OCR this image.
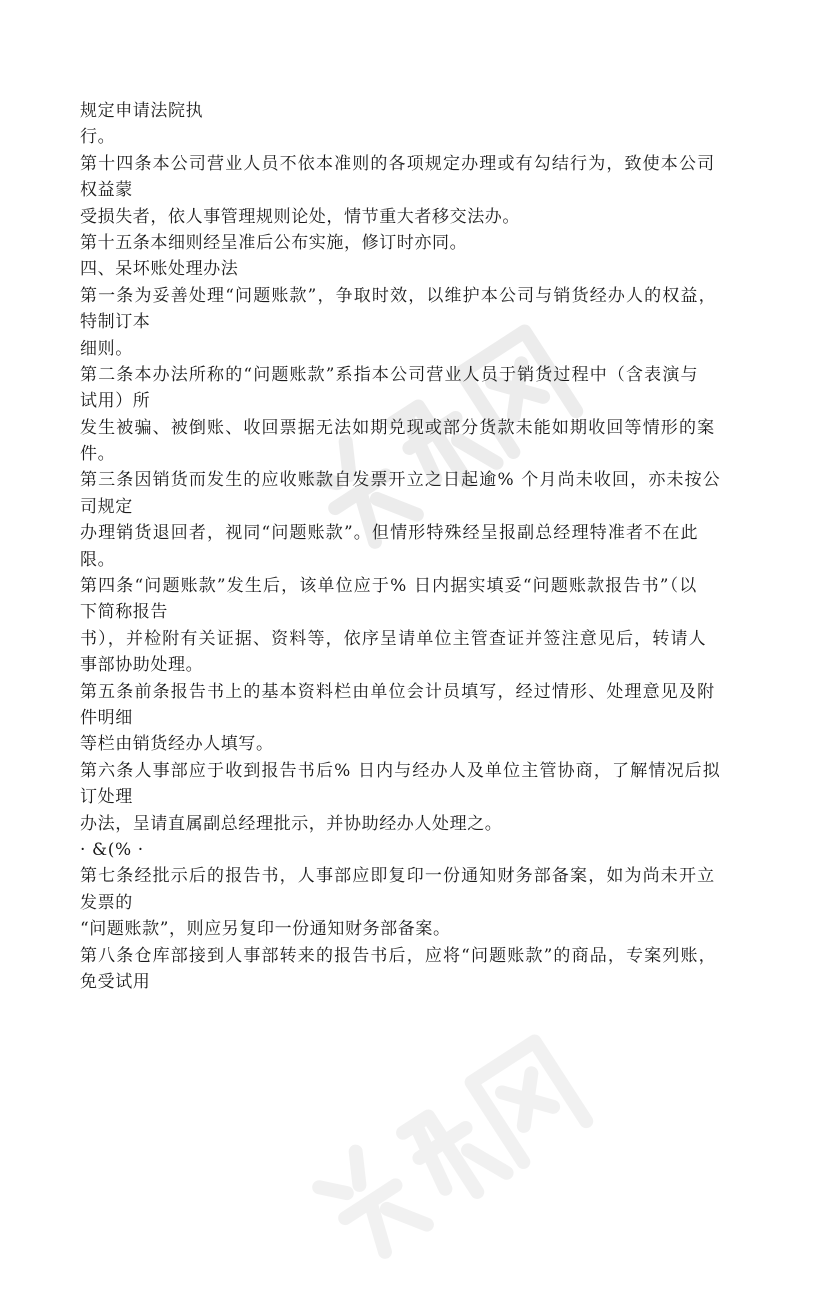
规定申请法院执
行。
第十四条本公司营业人员不依本准则的各项规定办理或有勾结行为，致使本公司
权益蒙
受损失者，依人事管理规则论处，情节重大者移交法办。
第十五条本细则经呈准后公布实施，修订时亦同。
四、呆坏账处理办法
第一条为妥善处理“问题账款”，争取时效，以维护本公司与销货经办人的权益，
特制订本
细则。
第二条本办法所称的“问题账款”系指本公司营业人员于销货过程中（含表演与
试用）所
发生被骗、被倒账、收回票据无法如期兑现或部分货款未能如期收回等情形的案
件。
第三条因销货而发生的应收账款自发票开立之日起逾% 个月尚未收回，亦未按公
司规定
办理销货退回者，视同“问题账款”。但情形特殊经呈报副总经理特准者不在此
限。
第四条“问题账款”发生后，该单位应于% 日内据实填妥“问题账款报告书”（以
下简称报告
书），并检附有关证据、资料等，依序呈请单位主管查证并签注意见后，转请人
事部协助处理。
第五条前条报告书上的基本资料栏由单位会计员填写，经过情形、处理意见及附
件明细
等栏由销货经办人填写。
第六条人事部应于收到报告书后% 日内与经办人及单位主管协商，了解情况后拟
订处理
办法，呈请直属副总经理批示，并协助经办人处理之。
· &(% ·
第七条经批示后的报告书，人事部应即复印一份通知财务部备案，如为尚未开立
发票的
“问题账款”，则应另复印一份通知财务部备案。
第八条仓库部接到人事部转来的报告书后，应将“问题账款”的商品，专案列账，
免受试用
